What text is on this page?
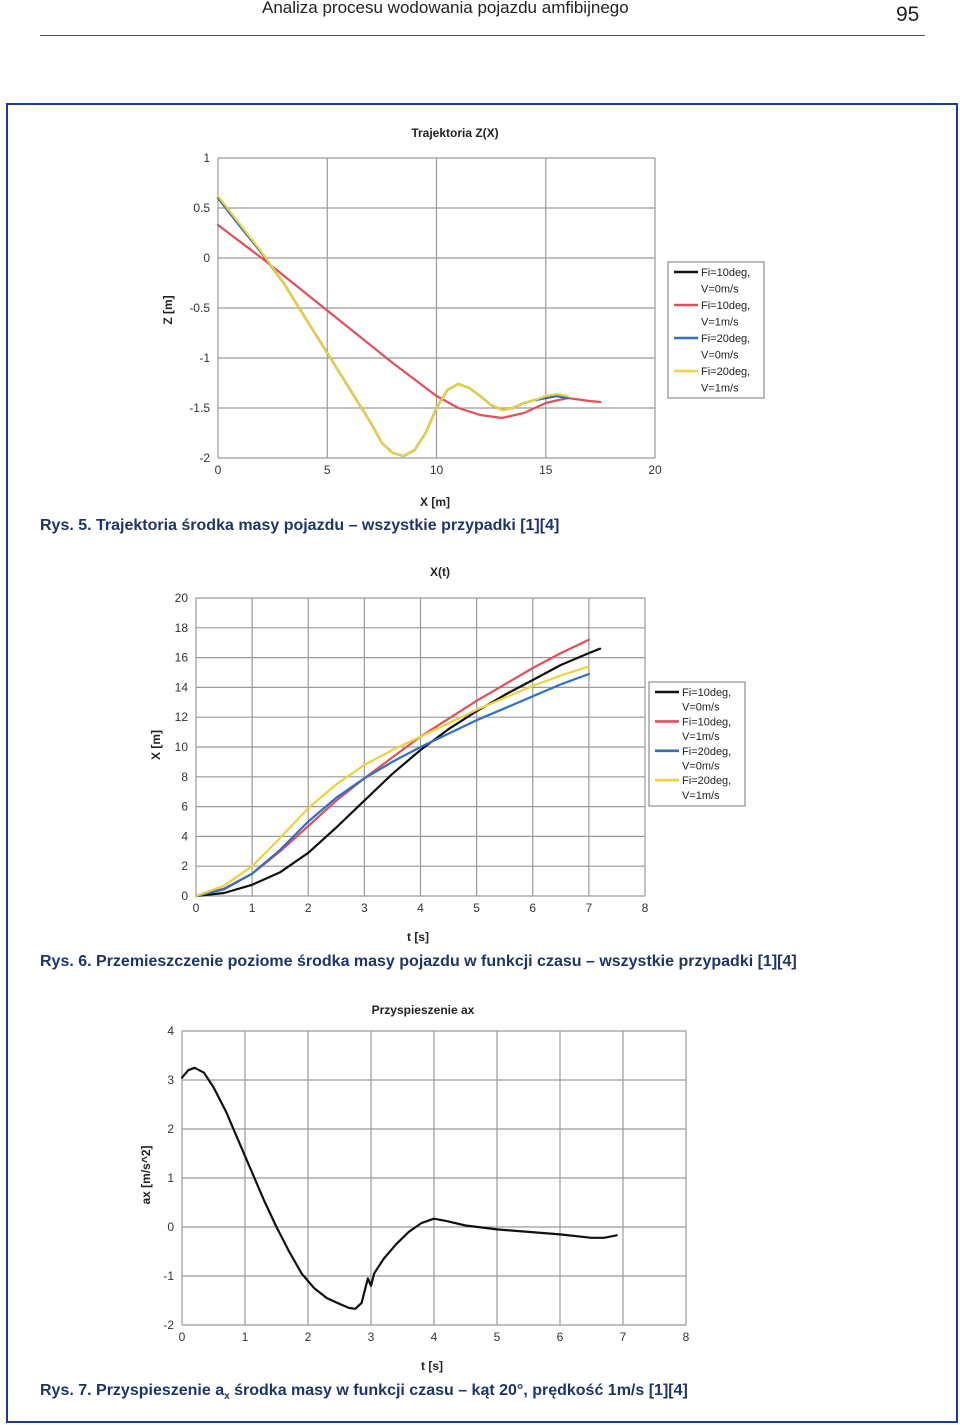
Analiza procesu wodowania pojazdu amfibijnego	95
Trajektoria Z(X)
0	5	10	15	20
1
0.5
0
-0.5
-1
-1.5
-2
X [m]
Z [m]
Fi=10deg,
V=0m/s
Fi=10deg,
V=1m/s
Fi=20deg,
V=0m/s
Fi=20deg,
V=1m/s
Rys. 5. Trajektoria środka masy pojazdu – wszystkie przypadki [1][4]
X(t)
0	1	2	3	4	5	6	7	8
20
18
16
14
12
10
8
6
4
2
0
t [s]
X [m]
Fi=10deg,
V=0m/s
Fi=10deg,
V=1m/s
Fi=20deg,
V=0m/s
Fi=20deg,
V=1m/s
Rys. 6. Przemieszczenie poziome środka masy pojazdu w funkcji czasu – wszystkie przypadki [1][4]
Przyspieszenie ax
0	1	2	3	4	5	6	7	8
4
3
2
1
0
-1
-2
t [s]
ax [m/s^2]
Rys. 7. Przyspieszenie $a_x$ środka masy w funkcji czasu – kąt 20°, prędkość 1m/s [1][4]
